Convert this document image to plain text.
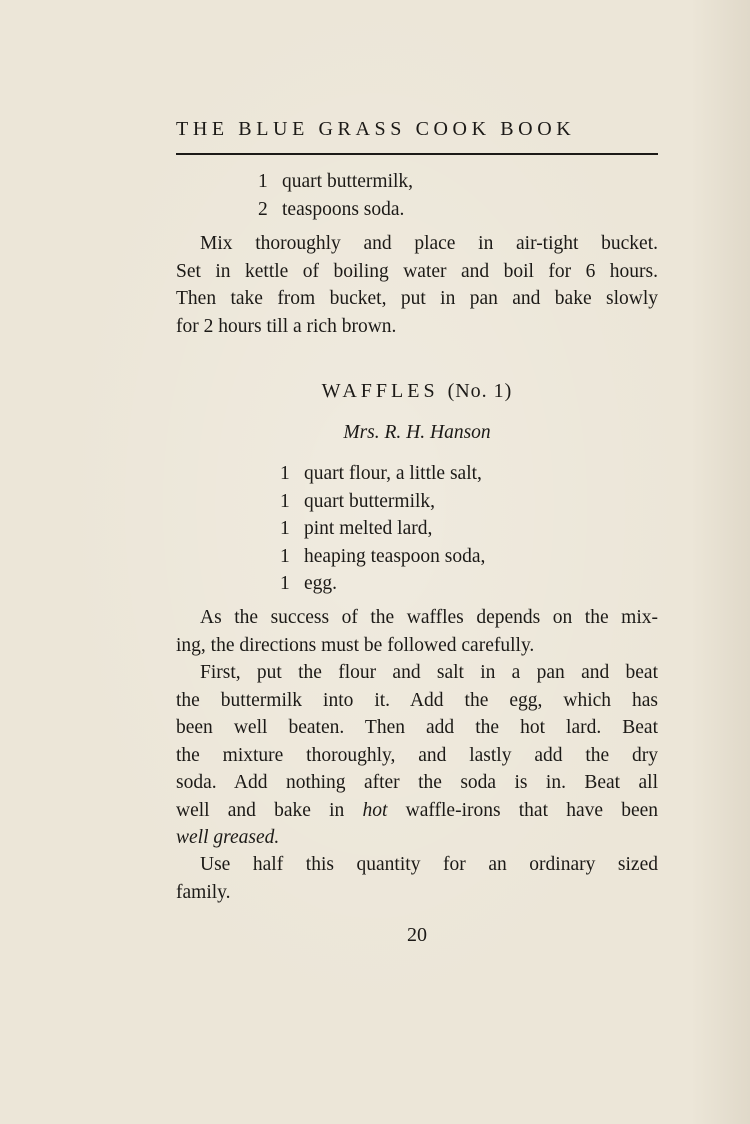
THE BLUE GRASS COOK BOOK
1 quart buttermilk,
2 teaspoons soda.
Mix thoroughly and place in air-tight bucket.
Set in kettle of boiling water and boil for 6 hours.
Then take from bucket, put in pan and bake slowly
for 2 hours till a rich brown.
WAFFLES (No. 1)
Mrs. R. H. Hanson
1 quart flour, a little salt,
1 quart buttermilk,
1 pint melted lard,
1 heaping teaspoon soda,
1 egg.
As the success of the waffles depends on the mix-
ing, the directions must be followed carefully.
First, put the flour and salt in a pan and beat
the buttermilk into it. Add the egg, which has
been well beaten. Then add the hot lard. Beat
the mixture thoroughly, and lastly add the dry
soda. Add nothing after the soda is in. Beat all
well and bake in hot waffle-irons that have been
well greased.
Use half this quantity for an ordinary sized
family.
20
